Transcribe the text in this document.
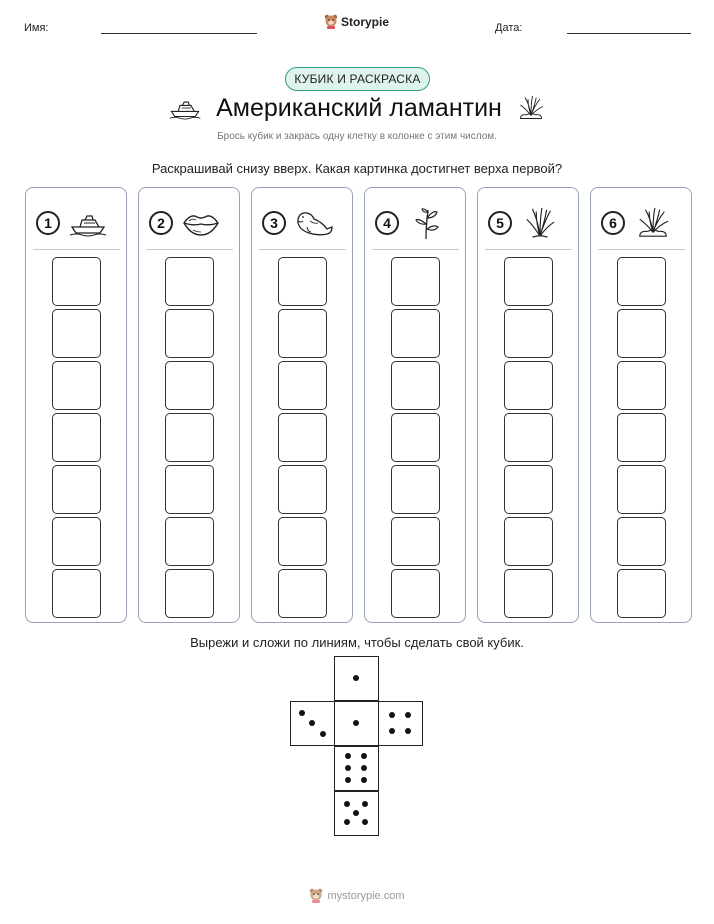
Имя:	Storypie	Дата:
КУБИК И РАСКРАСКА
Американский ламантин
Брось кубик и закрась одну клетку в колонке с этим числом.
Раскрашивай снизу вверх. Какая картинка достигнет верха первой?
1	2	3	4	5	6
Вырежи и сложи по линиям, чтобы сделать свой кубик.
mystorypie.com
